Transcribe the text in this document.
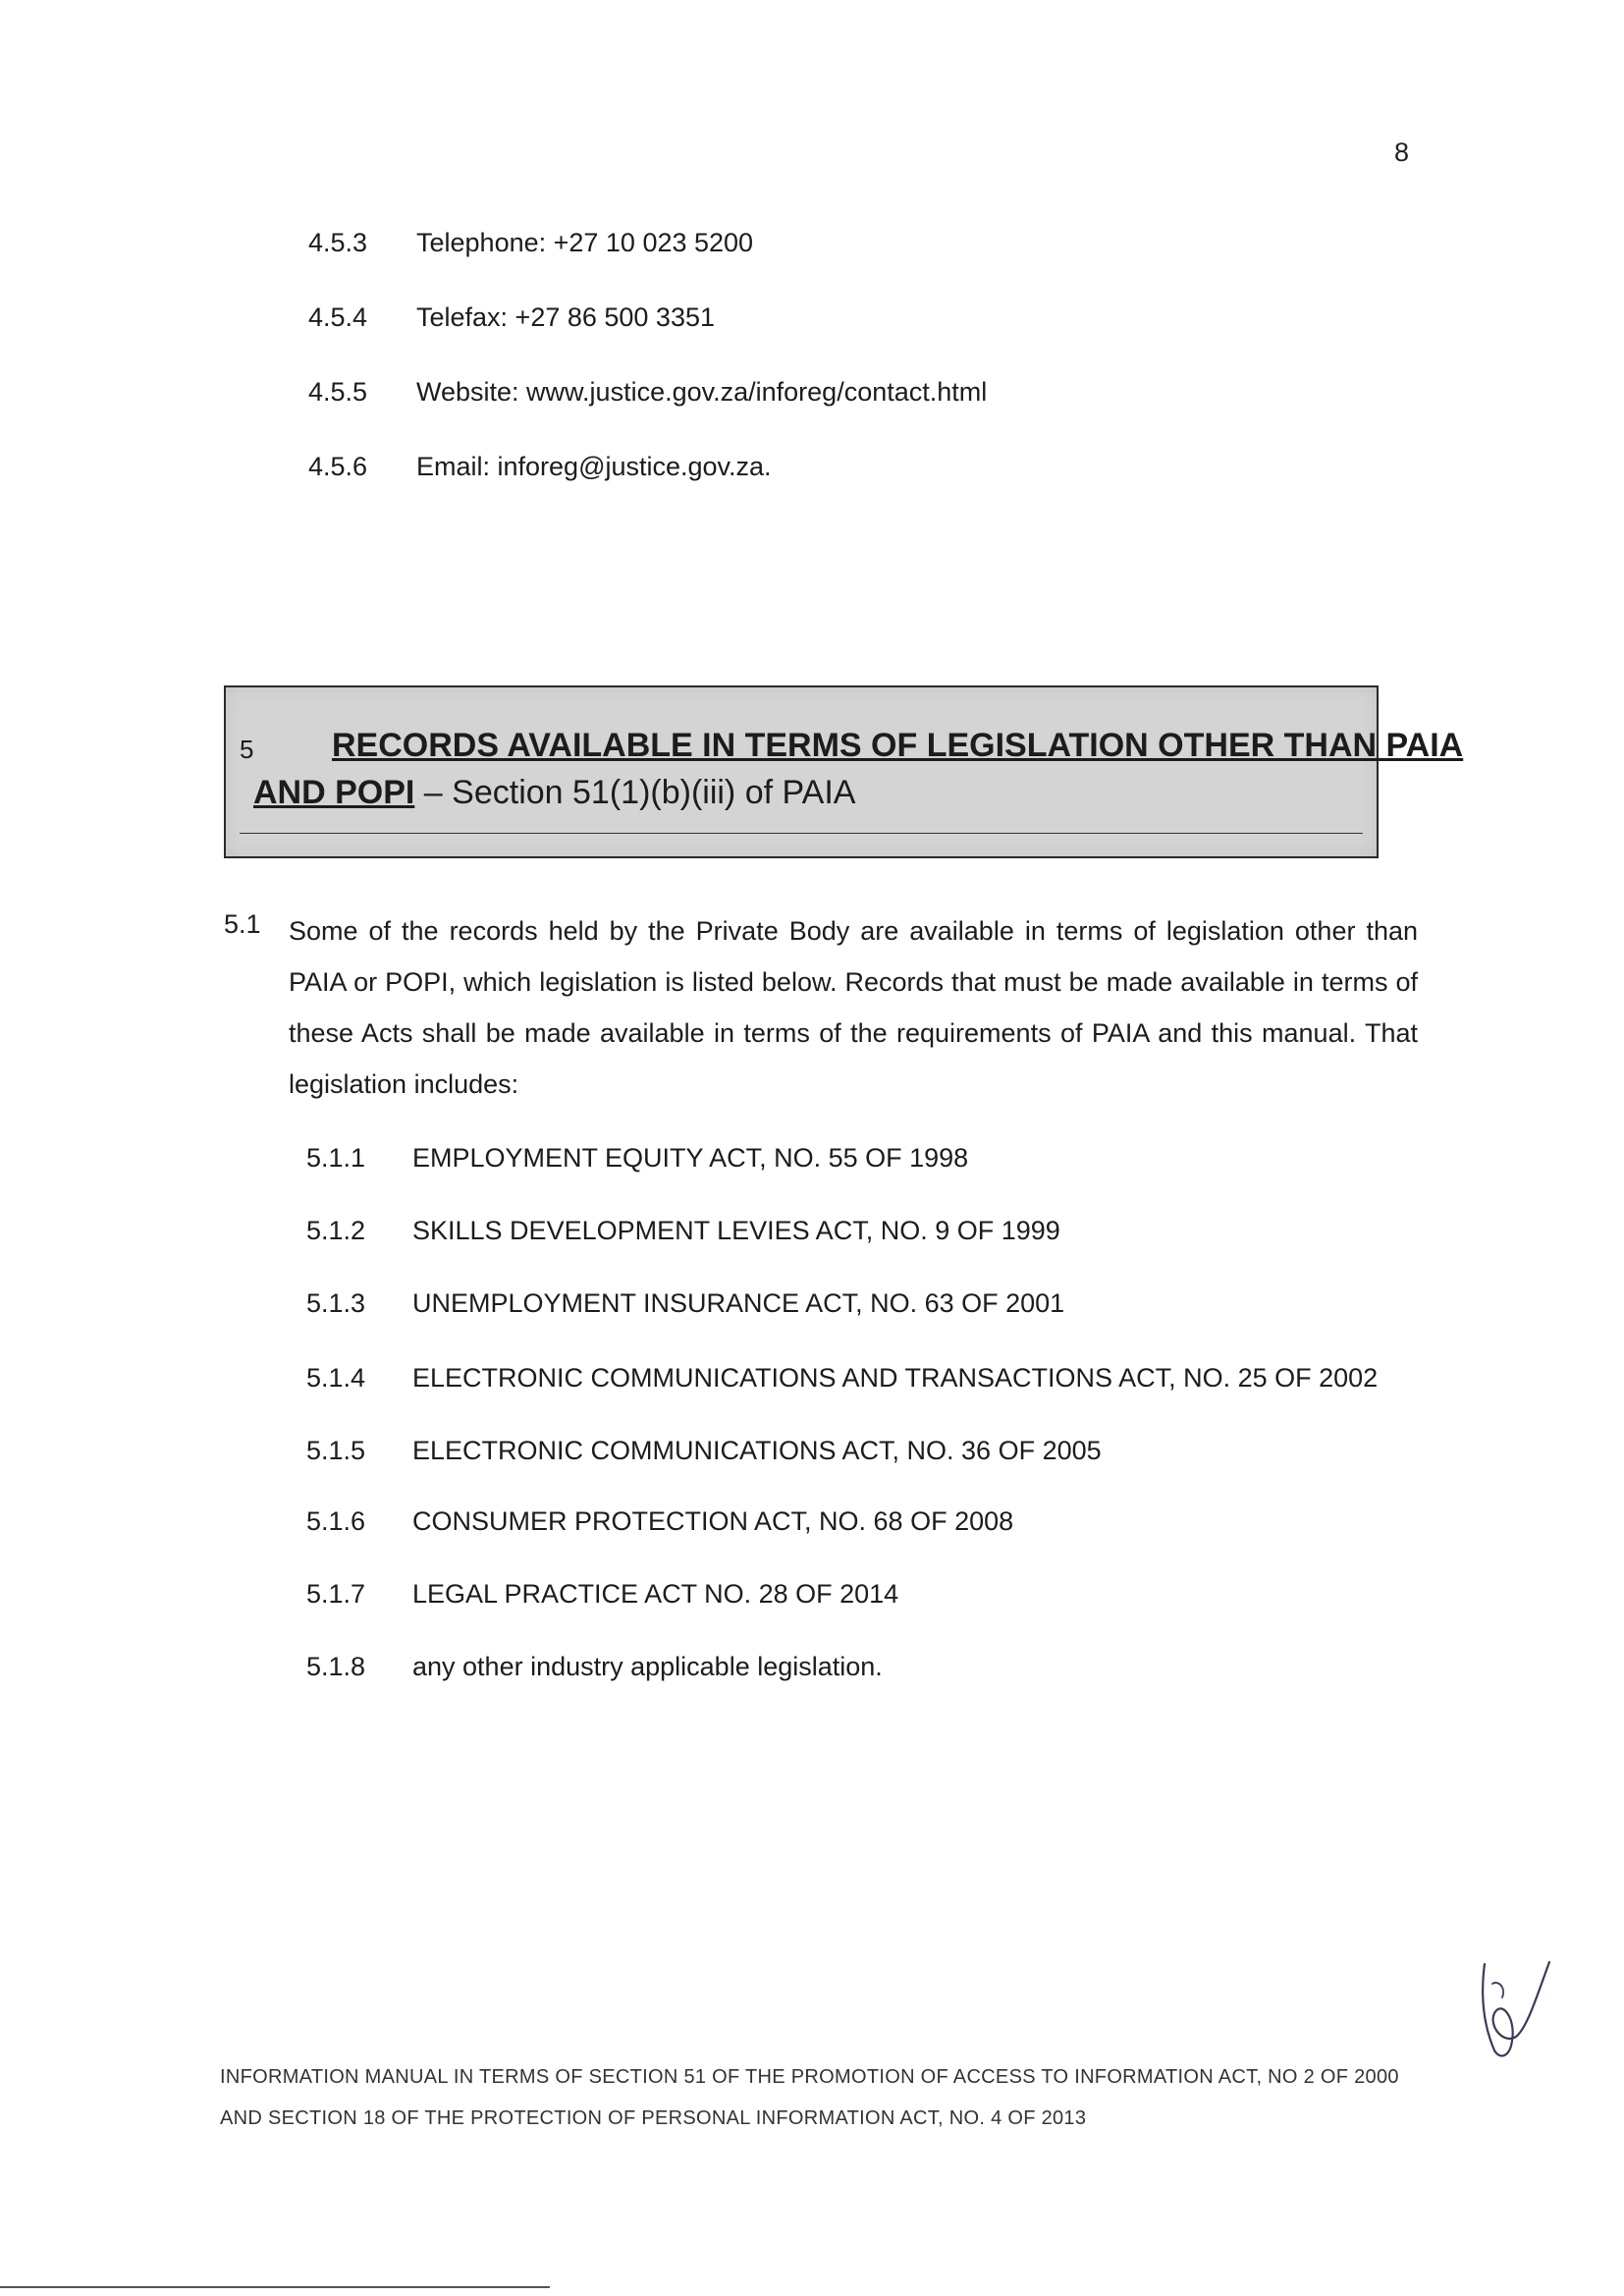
8
4.5.3 Telephone: +27 10 023 5200
4.5.4 Telefax: +27 86 500 3351
4.5.5 Website: www.justice.gov.za/inforeg/contact.html
4.5.6 Email: inforeg@justice.gov.za.
5 RECORDS AVAILABLE IN TERMS OF LEGISLATION OTHER THAN PAIA
AND POPI – Section 51(1)(b)(iii) of PAIA
5.1 Some of the records held by the Private Body are available in terms of legislation other than PAIA or POPI, which legislation is listed below. Records that must be made available in terms of these Acts shall be made available in terms of the requirements of PAIA and this manual. That legislation includes:
5.1.1 EMPLOYMENT EQUITY ACT, NO. 55 OF 1998
5.1.2 SKILLS DEVELOPMENT LEVIES ACT, NO. 9 OF 1999
5.1.3 UNEMPLOYMENT INSURANCE ACT, NO. 63 OF 2001
5.1.4 ELECTRONIC COMMUNICATIONS AND TRANSACTIONS ACT, NO. 25 OF 2002
5.1.5 ELECTRONIC COMMUNICATIONS ACT, NO. 36 OF 2005
5.1.6 CONSUMER PROTECTION ACT, NO. 68 OF 2008
5.1.7 LEGAL PRACTICE ACT NO. 28 OF 2014
5.1.8 any other industry applicable legislation.
INFORMATION MANUAL IN TERMS OF SECTION 51 OF THE PROMOTION OF ACCESS TO INFORMATION ACT, NO 2 OF 2000
AND SECTION 18 OF THE PROTECTION OF PERSONAL INFORMATION ACT, NO. 4 OF 2013
